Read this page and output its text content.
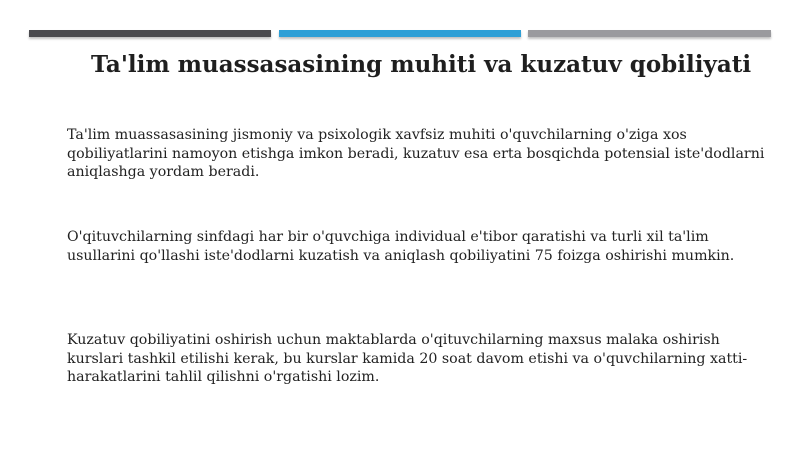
Ta'lim muassasasining muhiti va kuzatuv qobiliyati
Ta'lim muassasasining jismoniy va psixologik xavfsiz muhiti o'quvchilarning o'ziga xos qobiliyatlarini namoyon etishga imkon beradi, kuzatuv esa erta bosqichda potensial iste'dodlarni aniqlashga yordam beradi.
O'qituvchilarning sinfdagi har bir o'quvchiga individual e'tibor qaratishi va turli xil ta'lim usullarini qo'llashi iste'dodlarni kuzatish va aniqlash qobiliyatini 75 foizga oshirishi mumkin.
Kuzatuv qobiliyatini oshirish uchun maktablarda o'qituvchilarning maxsus malaka oshirish kurslari tashkil etilishi kerak, bu kurslar kamida 20 soat davom etishi va o'quvchilarning xatti-harakatlarini tahlil qilishni o'rgatishi lozim.
